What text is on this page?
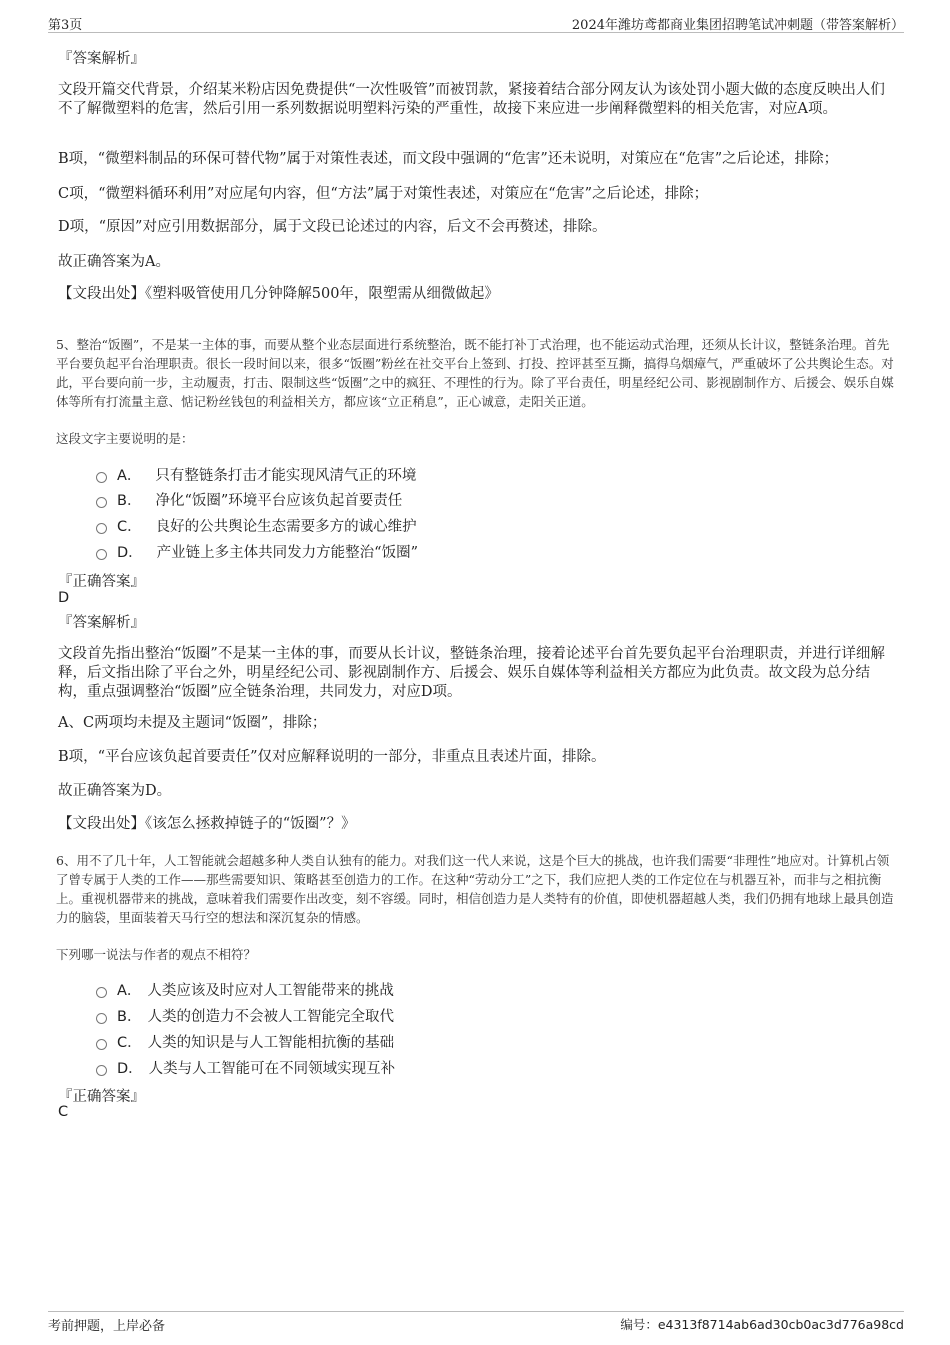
第3页	2024年潍坊鸢都商业集团招聘笔试冲刺题（带答案解析）
『答案解析』
文段开篇交代背景，介绍某米粉店因免费提供“一次性吸管”而被罚款，紧接着结合部分网友认为该处罚小题大做的态度反映出人们不了解微塑料的危害，然后引用一系列数据说明塑料污染的严重性，故接下来应进一步阐释微塑料的相关危害，对应A项。
B项，“微塑料制品的环保可替代物”属于对策性表述，而文段中强调的“危害”还未说明，对策应在“危害”之后论述，排除；
C项，“微塑料循环利用”对应尾句内容，但“方法”属于对策性表述，对策应在“危害”之后论述，排除；
D项，“原因”对应引用数据部分，属于文段已论述过的内容，后文不会再赘述，排除。
故正确答案为A。
【文段出处】《塑料吸管使用几分钟降解500年，限塑需从细微做起》
5、整治“饭圈”，不是某一主体的事，而要从整个业态层面进行系统整治，既不能打补丁式治理，也不能运动式治理，还须从长计议，整链条治理。首先平台要负起平台治理职责。很长一段时间以来，很多“饭圈”粉丝在社交平台上签到、打投、控评甚至互撕，搞得乌烟瘴气，严重破坏了公共舆论生态。对此，平台要向前一步，主动履责，打击、限制这些“饭圈”之中的疯狂、不理性的行为。除了平台责任，明星经纪公司、影视剧制作方、后援会、娱乐自媒体等所有打流量主意、惦记粉丝钱包的利益相关方，都应该“立正稍息”，正心诚意，走阳关正道。
这段文字主要说明的是：
A． 只有整链条打击才能实现风清气正的环境
B． 净化“饭圈”环境平台应该负起首要责任
C． 良好的公共舆论生态需要多方的诚心维护
D． 产业链上多主体共同发力方能整治“饭圈”
『正确答案』
D
『答案解析』
文段首先指出整治“饭圈”不是某一主体的事，而要从长计议，整链条治理，接着论述平台首先要负起平台治理职责，并进行详细解释，后文指出除了平台之外，明星经纪公司、影视剧制作方、后援会、娱乐自媒体等利益相关方都应为此负责。故文段为总分结构，重点强调整治“饭圈”应全链条治理，共同发力，对应D项。
A、C两项均未提及主题词“饭圈”，排除；
B项，“平台应该负起首要责任”仅对应解释说明的一部分，非重点且表述片面，排除。
故正确答案为D。
【文段出处】《该怎么拯救掉链子的“饭圈”？》
6、用不了几十年，人工智能就会超越多种人类自认独有的能力。对我们这一代人来说，这是个巨大的挑战，也许我们需要“非理性”地应对。计算机占领了曾专属于人类的工作——那些需要知识、策略甚至创造力的工作。在这种“劳动分工”之下，我们应把人类的工作定位在与机器互补，而非与之相抗衡上。重视机器带来的挑战，意味着我们需要作出改变，刻不容缓。同时，相信创造力是人类特有的价值，即使机器超越人类，我们仍拥有地球上最具创造力的脑袋，里面装着天马行空的想法和深沉复杂的情感。
下列哪一说法与作者的观点不相符？
A． 人类应该及时应对人工智能带来的挑战
B． 人类的创造力不会被人工智能完全取代
C． 人类的知识是与人工智能相抗衡的基础
D． 人类与人工智能可在不同领域实现互补
『正确答案』
C
考前押题，上岸必备	编号：e4313f8714ab6ad30cb0ac3d776a98cd
